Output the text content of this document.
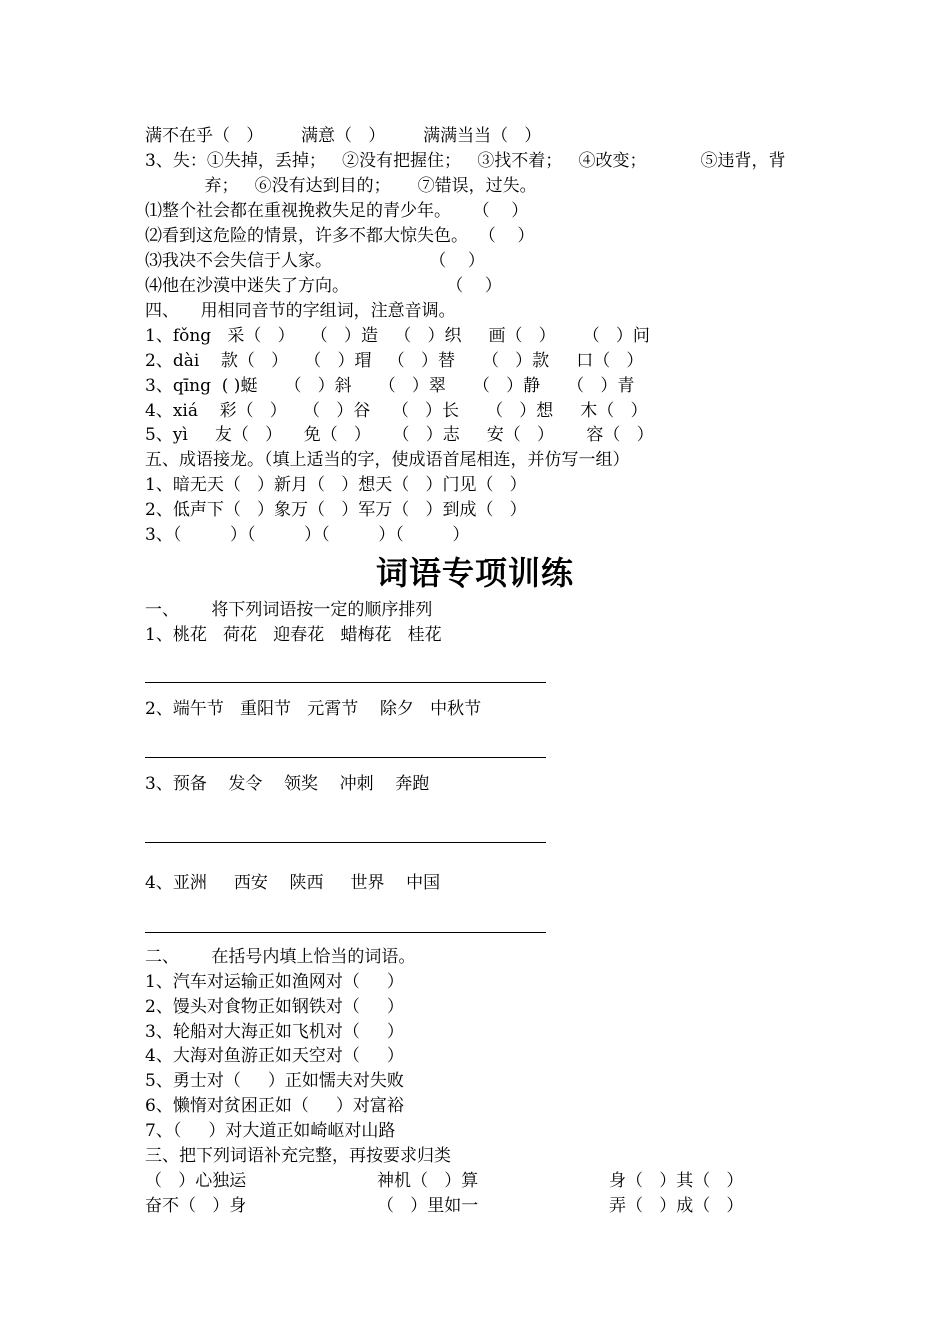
满不在乎（   ）       满意（   ）       满满当当（   ）
3、失：①失掉，丢掉；   ②没有把握住；   ③找不着；   ④改变；          ⑤违背，背
弃；   ⑥没有达到目的；     ⑦错误，过失。
⑴整个社会都在重视挽救失足的青少年。    （    ）
⑵看到这危险的情景，许多不都大惊失色。  （    ）
⑶我决不会失信于人家。                  （    ）
⑷他在沙漠中迷失了方向。                  （    ）
四、    用相同音节的字组词，注意音调。
1、fǒng   采（   ）   （   ）造   （   ）织     画（   ）     （   ）问
2、dài    款（   ）   （   ）瑁   （   ）替     （   ）款     口（   ）
3、qīng  ( )蜓     （   ）斜     （   ）翠     （   ）静     （   ）青
4、xiá    彩（   ）   （   ）谷    （   ）长     （   ）想     木（   ）
5、yì     友（   ）    免（   ）    （   ）志     安（   ）      容（   ）
五、成语接龙。（填上适当的字，使成语首尾相连，并仿写一组）
1、暗无天（   ）新月（   ）想天（   ）门见（   ）
2、低声下（   ）象万（   ）军万（   ）到成（   ）
3、（         ）（         ）（         ）（         ）
词语专项训练
一、      将下列词语按一定的顺序排列
1、桃花   荷花   迎春花   蜡梅花   桂花
2、端午节   重阳节   元霄节    除夕   中秋节
3、预备    发令    领奖    冲刺    奔跑
4、亚洲     西安    陕西     世界    中国
二、      在括号内填上恰当的词语。
1、汽车对运输正如渔网对（     ）
2、馒头对食物正如钢铁对（     ）
3、轮船对大海正如飞机对（     ）
4、大海对鱼游正如天空对（     ）
5、勇士对（     ）正如懦夫对失败
6、懒惰对贫困正如（     ）对富裕
7、（     ）对大道正如崎岖对山路
三、把下列词语补充完整，再按要求归类
（   ）心独运	神机（   ）算	身（   ）其（   ）
奋不（   ）身	（   ）里如一	弄（   ）成（   ）
